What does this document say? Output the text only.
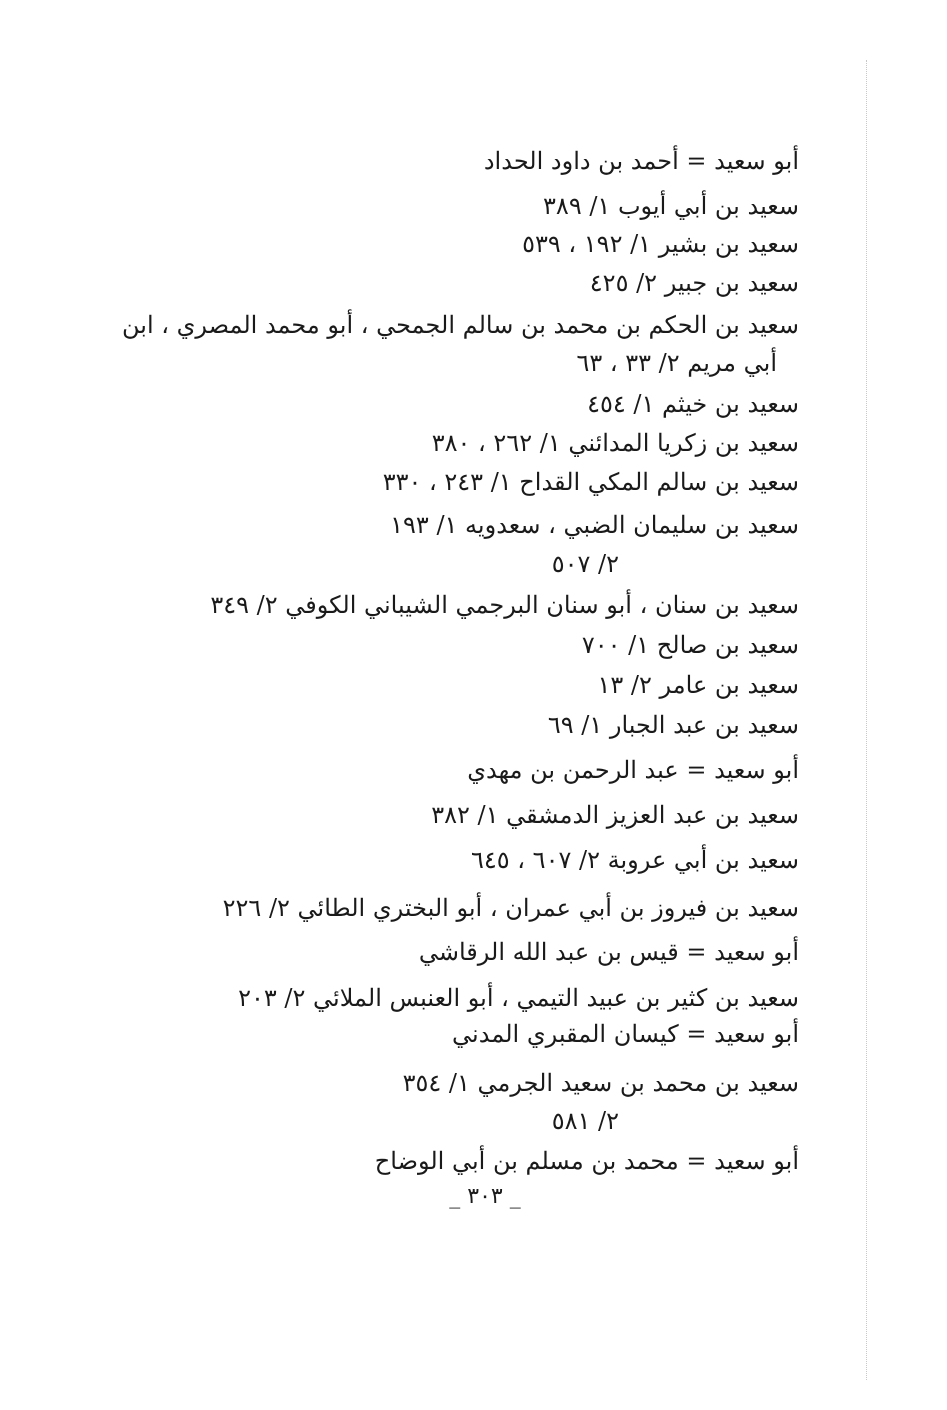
أبو سعيد = أحمد بن داود الحداد
سعيد بن أبي أيوب ١/ ٣٨٩
سعيد بن بشير ١/ ١٩٢ ، ٥٣٩
سعيد بن جبير ٢/ ٤٢٥
سعيد بن الحكم بن محمد بن سالم الجمحي ، أبو محمد المصري ، ابن
أبي مريم ٢/ ٣٣ ، ٦٣
سعيد بن خيثم ١/ ٤٥٤
سعيد بن زكريا المدائني ١/ ٢٦٢ ، ٣٨٠
سعيد بن سالم المكي القداح ١/ ٢٤٣ ، ٣٣٠
سعيد بن سليمان الضبي ، سعدويه ١/ ١٩٣
٢/ ٥٠٧
سعيد بن سنان ، أبو سنان البرجمي الشيباني الكوفي ٢/ ٣٤٩
سعيد بن صالح ١/ ٧٠٠
سعيد بن عامر ٢/ ١٣
سعيد بن عبد الجبار ١/ ٦٩
أبو سعيد = عبد الرحمن بن مهدي
سعيد بن عبد العزيز الدمشقي ١/ ٣٨٢
سعيد بن أبي عروبة ٢/ ٦٠٧ ، ٦٤٥
سعيد بن فيروز بن أبي عمران ، أبو البختري الطائي ٢/ ٢٢٦
أبو سعيد = قيس بن عبد الله الرقاشي
سعيد بن كثير بن عبيد التيمي ، أبو العنبس الملائي ٢/ ٢٠٣
أبو سعيد = كيسان المقبري المدني
سعيد بن محمد بن سعيد الجرمي ١/ ٣٥٤
٢/ ٥٨١
أبو سعيد = محمد بن مسلم بن أبي الوضاح
_ ٣٠٣ _
